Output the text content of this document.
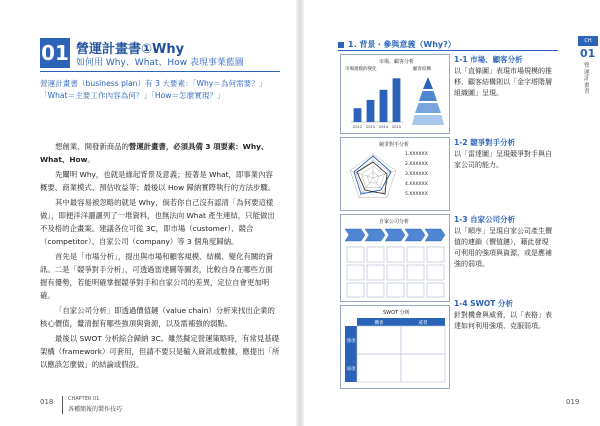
01 營運計畫書①Why
如何用 Why、What、How 表現事業藍圖
營運計畫書（business plan）有 3 大要素：「Why＝為何需要？」「What＝主要工作內容為何？」「How＝怎麼實現？」

想創業、開發新商品的營運計畫書，必須具備 3 項要素：Why、What、How。

先闡明 Why，也就是緣起背景及意義；接著是 What，即事業內容概要、商業模式、預估收益等；最後以 How 歸納實際執行的方法步驟。

其中最容易被忽略的就是 Why，倘若你自己沒有認清「為何要這樣做」，即便洋洋灑灑列了一堆資料，也無法向 What 產生連結，只能做出不及格的企畫案。建議各位可從 3C，即市場（customer）、競合（competitor）、自家公司（company）等 3 個角度歸納。

首先是「市場分析」，提出與市場和顧客規模、結構、變化有關的資訊。二是「競爭對手分析」，可透過雷達圖等圖表，比較自身在哪些方面握有優勢，若能明確掌握競爭對手和自家公司的差異，定位自會更加明確。

「自家公司分析」即透過價值鏈（value chain）分析來找出企業的核心價值，釐清握有哪些強項與資源，以及需補強的弱點。

最後以 SWOT 分析綜合歸納 3C。雖然擬定營運策略時，有常見基礎架構（framework）可套用，但請不要只是輸入資訊或數據，應提出「所以應該怎麼做」的結論或假設。

018	CHAPTER 01
各種簡報的製作技巧
1. 背景・參與意義（Why?）
市場、顧客分析
市場規模的變化	顧客結構
2012 2013 2014 2015
競爭對手分析
1.XXXXXX
2.XXXXXX
3.XXXXXX
4.XXXXXX
5.XXXXXX
自家公司分析
SWOT 分析
機會	威脅
強項
弱項
1-1 市場、顧客分析
以「直條圖」表現市場規模的推移，顧客結構則以「金字塔階層組織圖」呈現。
1-2 競爭對手分析
以「雷達圖」呈現競爭對手與自家公司的能力。
1-3 自家公司分析
以「順序」呈現自家公司產生價值的連鎖（價值鏈），藉此發現可利用的強項與資源，或是應補強的弱項。
1-4 SWOT 分析
針對機會與威脅，以「表格」表達如何利用強項、克服弱項。
CH
01
營運計畫書
019
